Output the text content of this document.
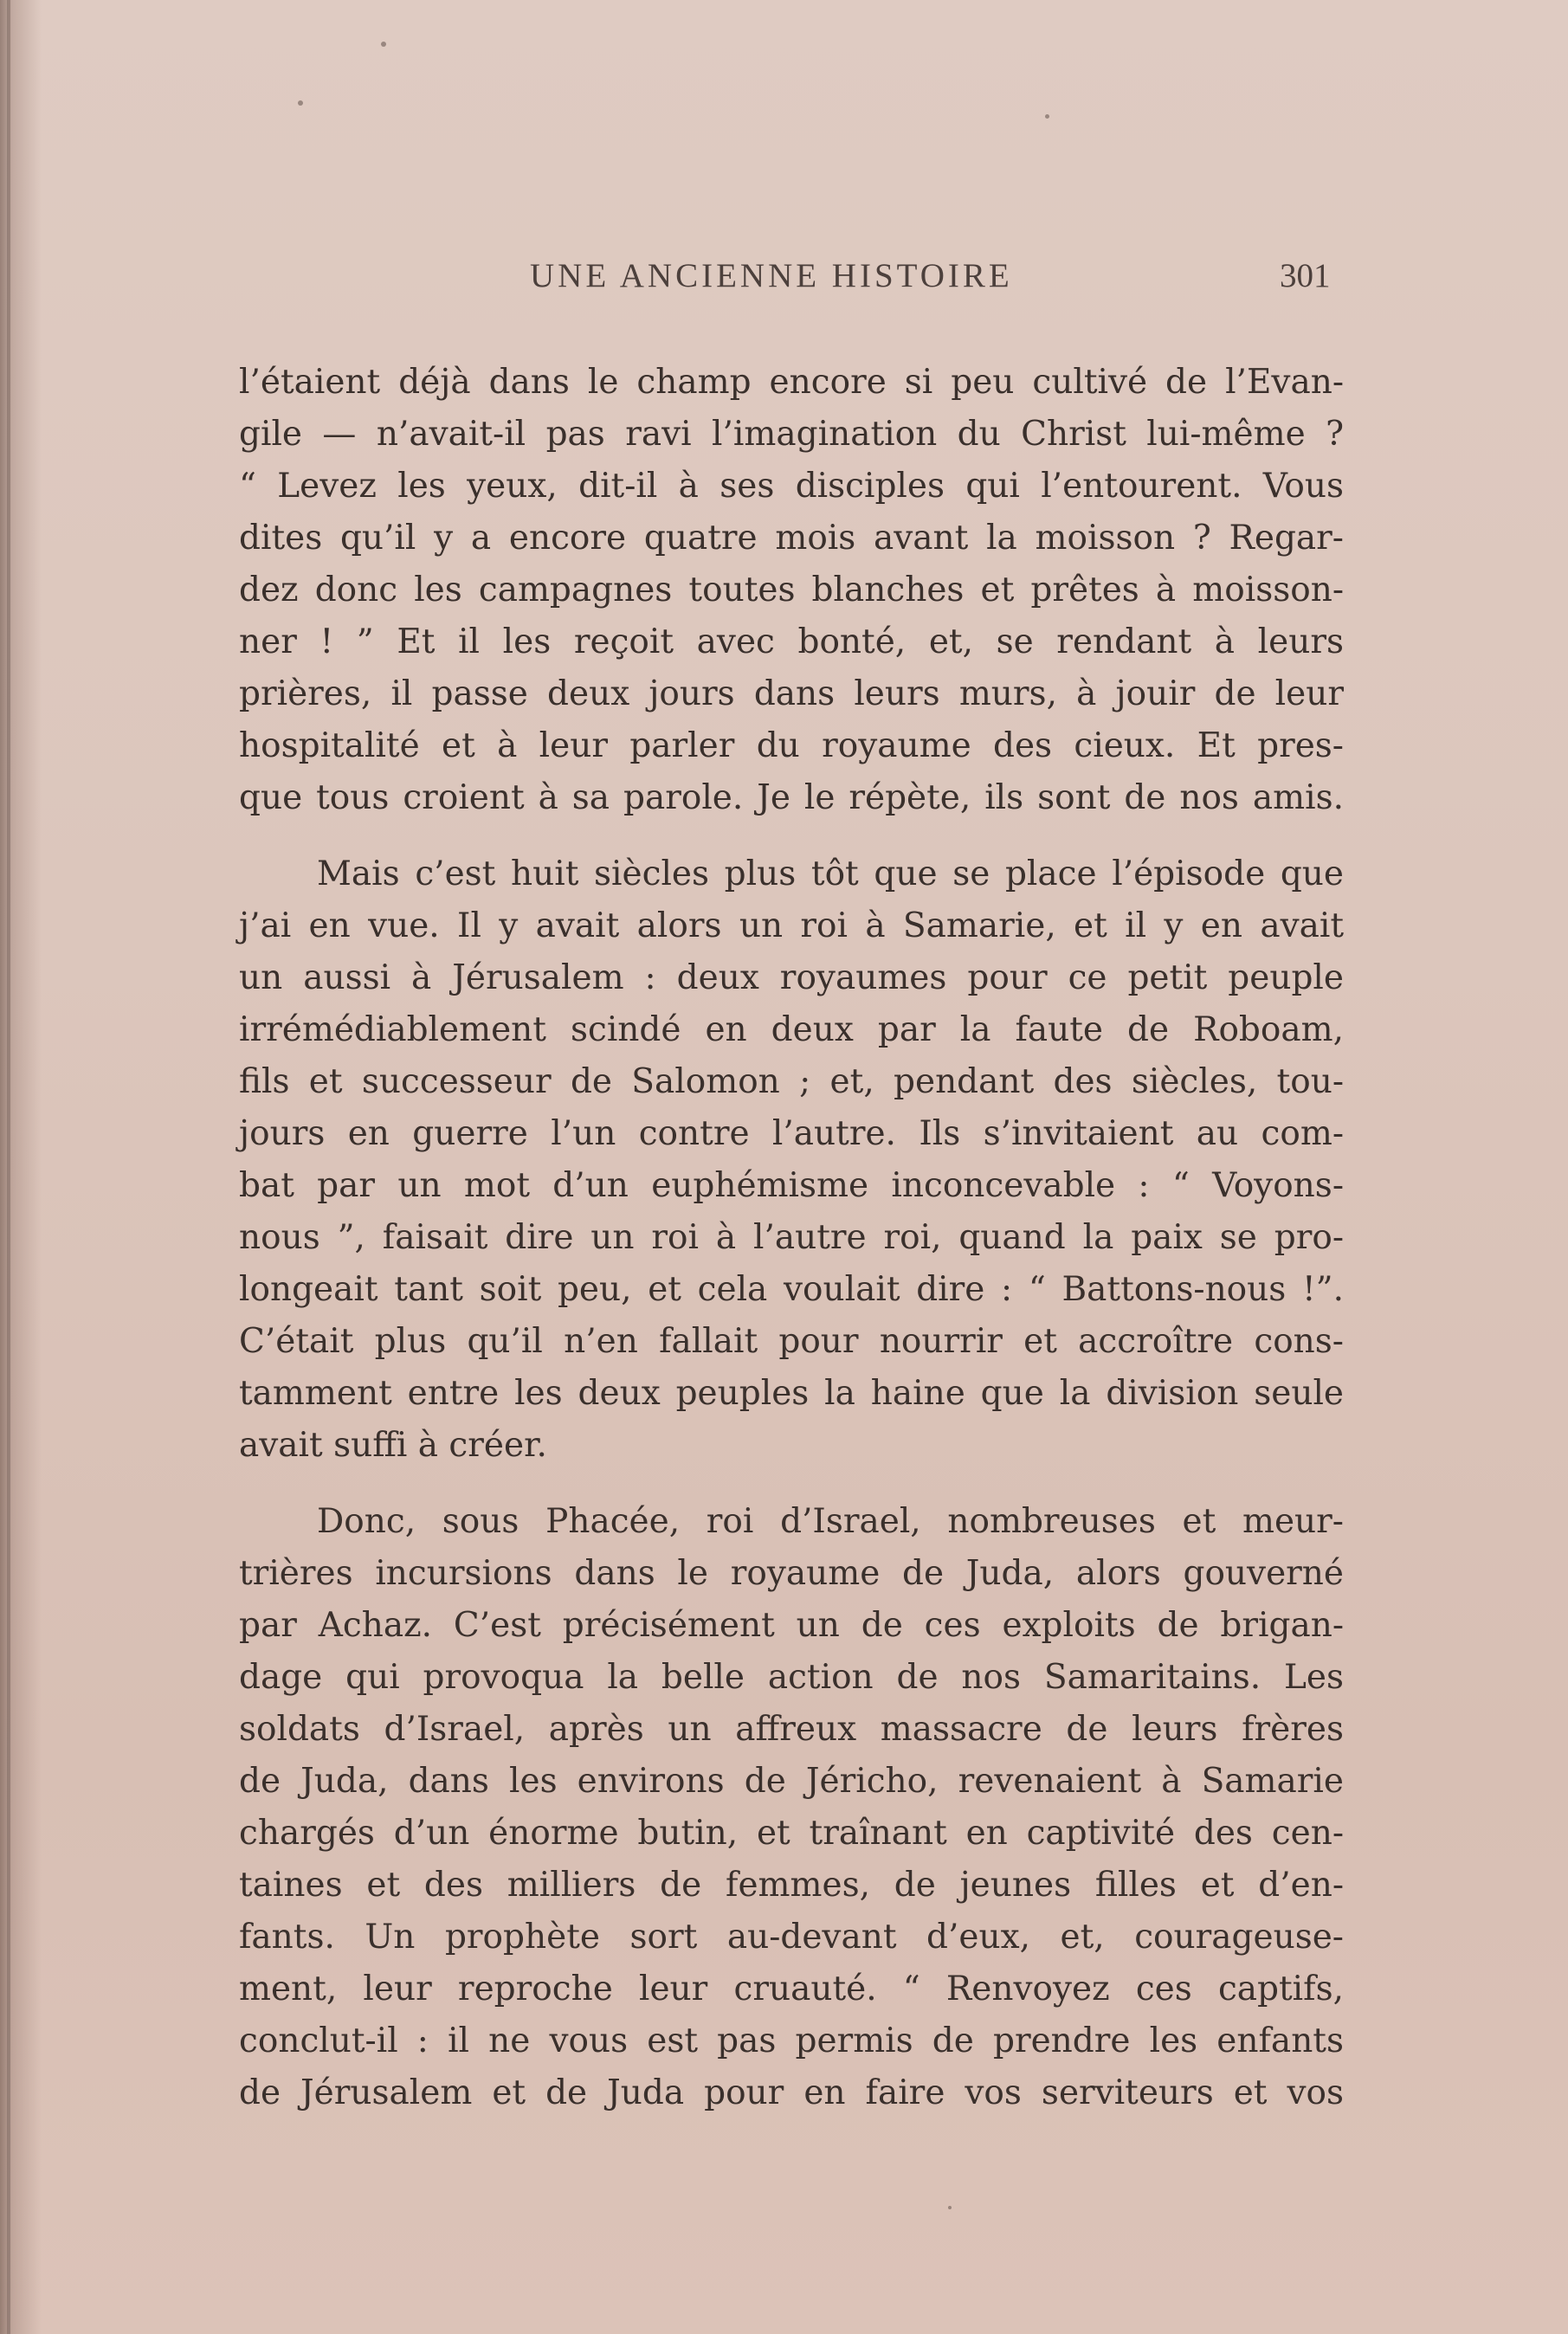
UNE ANCIENNE HISTOIRE	301
l’étaient déjà dans le champ encore si peu cultivé de l’Evan-
gile — n’avait-il pas ravi l’imagination du Christ lui-même ?
“ Levez les yeux, dit-il à ses disciples qui l’entourent. Vous
dites qu’il y a encore quatre mois avant la moisson ? Regar-
dez donc les campagnes toutes blanches et prêtes à moisson-
ner ! ” Et il les reçoit avec bonté, et, se rendant à leurs
prières, il passe deux jours dans leurs murs, à jouir de leur
hospitalité et à leur parler du royaume des cieux. Et pres-
que tous croient à sa parole. Je le répète, ils sont de nos amis.
Mais c’est huit siècles plus tôt que se place l’épisode que
j’ai en vue. Il y avait alors un roi à Samarie, et il y en avait
un aussi à Jérusalem : deux royaumes pour ce petit peuple
irrémédiablement scindé en deux par la faute de Roboam,
fils et successeur de Salomon ; et, pendant des siècles, tou-
jours en guerre l’un contre l’autre. Ils s’invitaient au com-
bat par un mot d’un euphémisme inconcevable : “ Voyons-
nous ”, faisait dire un roi à l’autre roi, quand la paix se pro-
longeait tant soit peu, et cela voulait dire : “ Battons-nous !”.
C’était plus qu’il n’en fallait pour nourrir et accroître cons-
tamment entre les deux peuples la haine que la division seule
avait suffi à créer.
Donc, sous Phacée, roi d’Israel, nombreuses et meur-
trières incursions dans le royaume de Juda, alors gouverné
par Achaz. C’est précisément un de ces exploits de brigan-
dage qui provoqua la belle action de nos Samaritains. Les
soldats d’Israel, après un affreux massacre de leurs frères
de Juda, dans les environs de Jéricho, revenaient à Samarie
chargés d’un énorme butin, et traînant en captivité des cen-
taines et des milliers de femmes, de jeunes filles et d’en-
fants. Un prophète sort au-devant d’eux, et, courageuse-
ment, leur reproche leur cruauté. “ Renvoyez ces captifs,
conclut-il : il ne vous est pas permis de prendre les enfants
de Jérusalem et de Juda pour en faire vos serviteurs et vos
